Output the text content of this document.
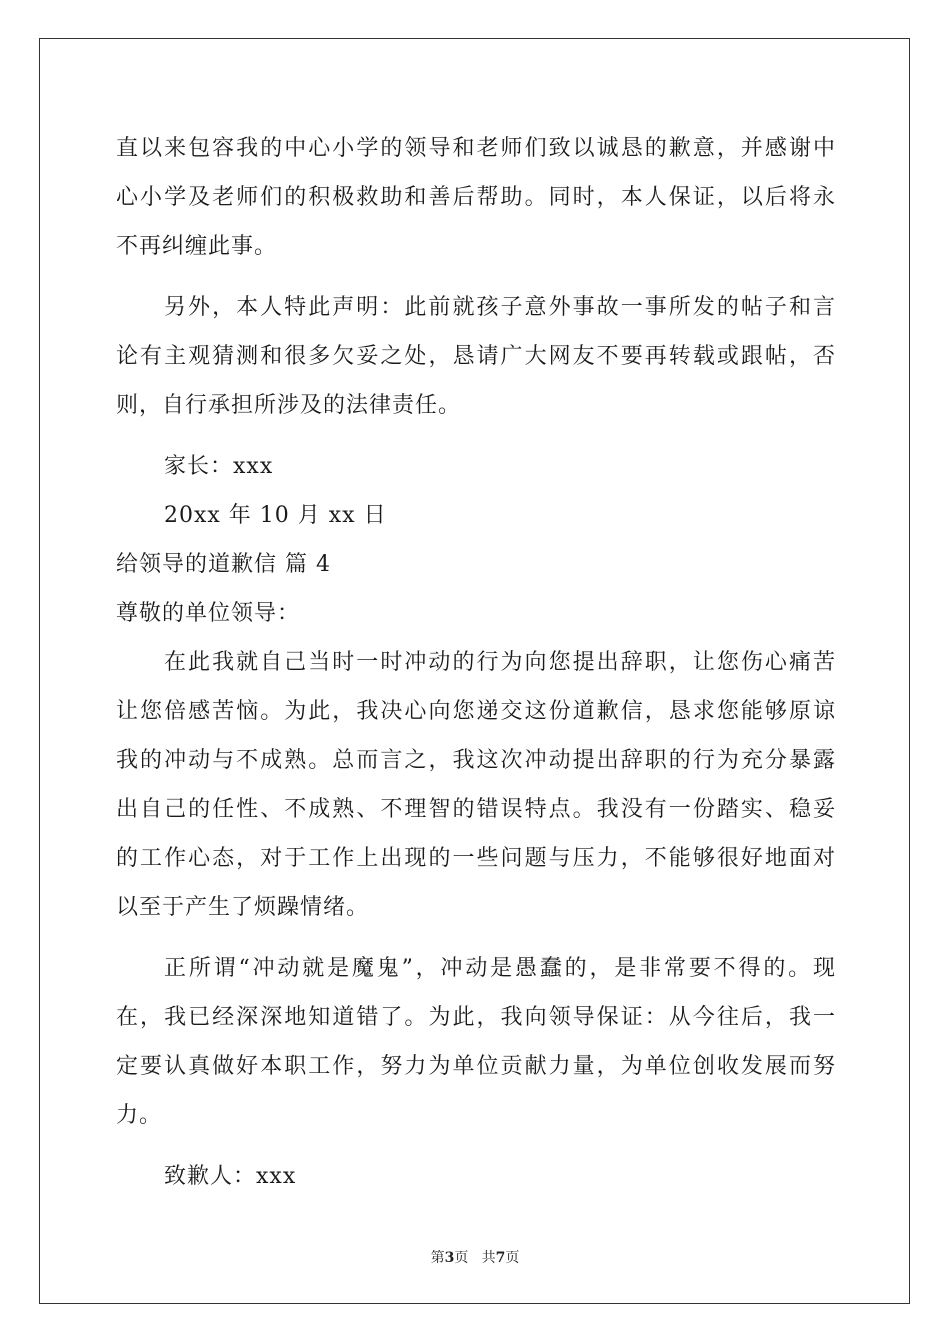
直以来包容我的中心小学的领导和老师们致以诚恳的歉意，并感谢中
心小学及老师们的积极救助和善后帮助。同时，本人保证，以后将永
不再纠缠此事。
另外，本人特此声明：此前就孩子意外事故一事所发的帖子和言
论有主观猜测和很多欠妥之处，恳请广大网友不要再转载或跟帖，否
则，自行承担所涉及的法律责任。
家长：xxx
20xx 年 10 月 xx 日
给领导的道歉信 篇 4
尊敬的单位领导：
在此我就自己当时一时冲动的行为向您提出辞职，让您伤心痛苦
让您倍感苦恼。为此，我决心向您递交这份道歉信，恳求您能够原谅
我的冲动与不成熟。总而言之，我这次冲动提出辞职的行为充分暴露
出自己的任性、不成熟、不理智的错误特点。我没有一份踏实、稳妥
的工作心态，对于工作上出现的一些问题与压力，不能够很好地面对
以至于产生了烦躁情绪。
正所谓“冲动就是魔鬼”，冲动是愚蠢的，是非常要不得的。现
在，我已经深深地知道错了。为此，我向领导保证：从今往后，我一
定要认真做好本职工作，努力为单位贡献力量，为单位创收发展而努
力。
致歉人：xxx
第3页 共7页
